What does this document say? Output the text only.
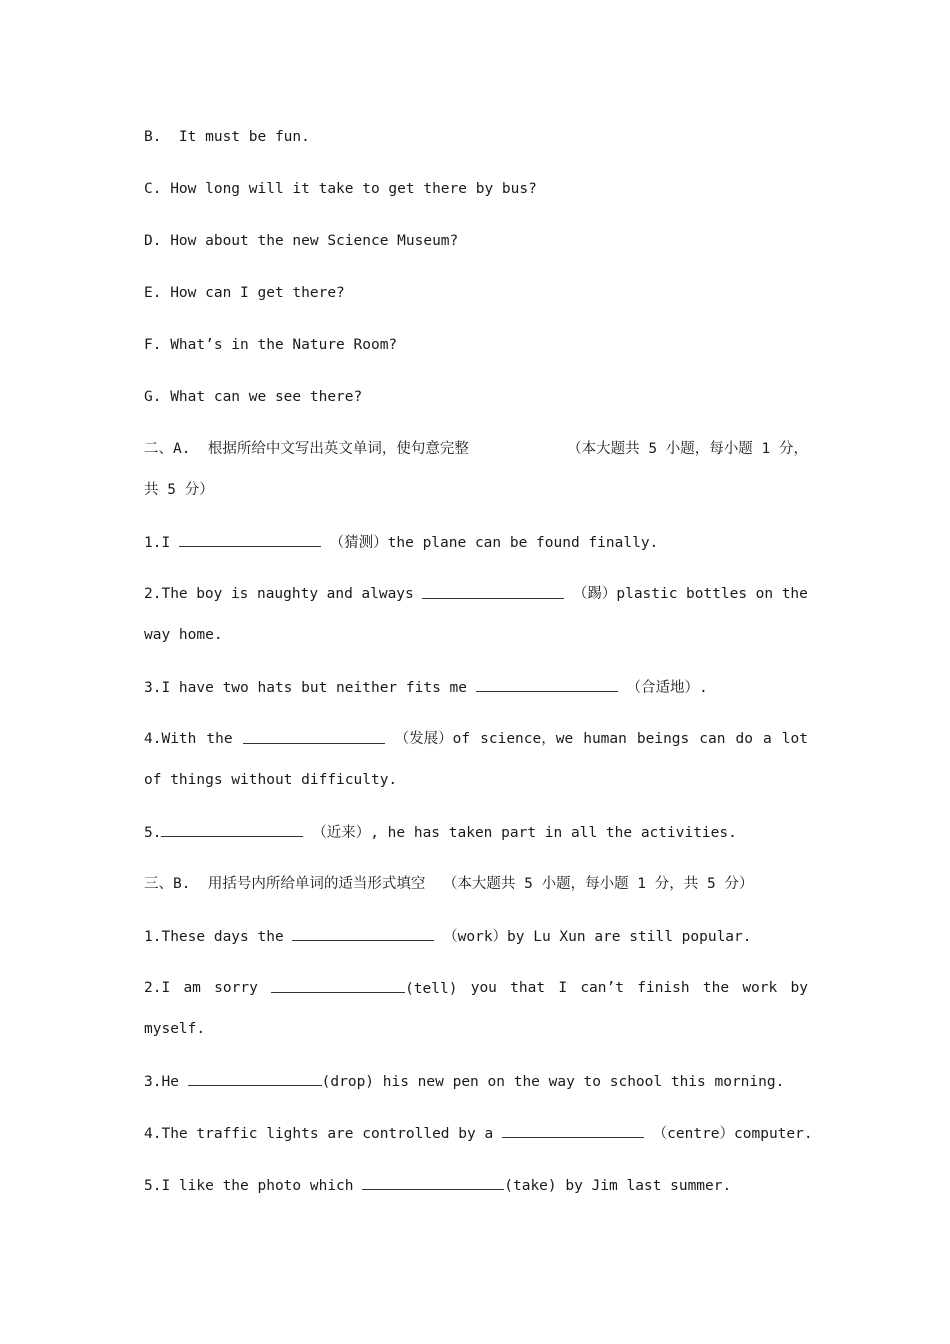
B.  It must be fun.
C. How long will it take to get there by bus?
D. How about the new Science Museum?
E. How can I get there?
F. What’s in the Nature Room?
G. What can we see there?
二、A.  根据所给中文写出英文单词，使句意完整	（本大题共 5 小题，每小题 1 分，
共 5 分）
1.I	（猜测）the plane can be found finally.
2.The boy is naughty and always	（踢）plastic bottles on the
way home.
3.I have two hats but neither fits me	（合适地）.
4.With the	（发展）of science，we human beings can do a lot
of things without difficulty.
5.	（近来）, he has taken part in all the activities.
三、B.  用括号内所给单词的适当形式填空  （本大题共 5 小题，每小题 1 分，共 5 分）
1.These days the	（work）by Lu Xun are still popular.
2.I am sorry	(tell) you that I can’t finish the work by
myself.
3.He	(drop) his new pen on the way to school this morning.
4.The traffic lights are controlled by a	（centre）computer.
5.I like the photo which	(take) by Jim last summer.
